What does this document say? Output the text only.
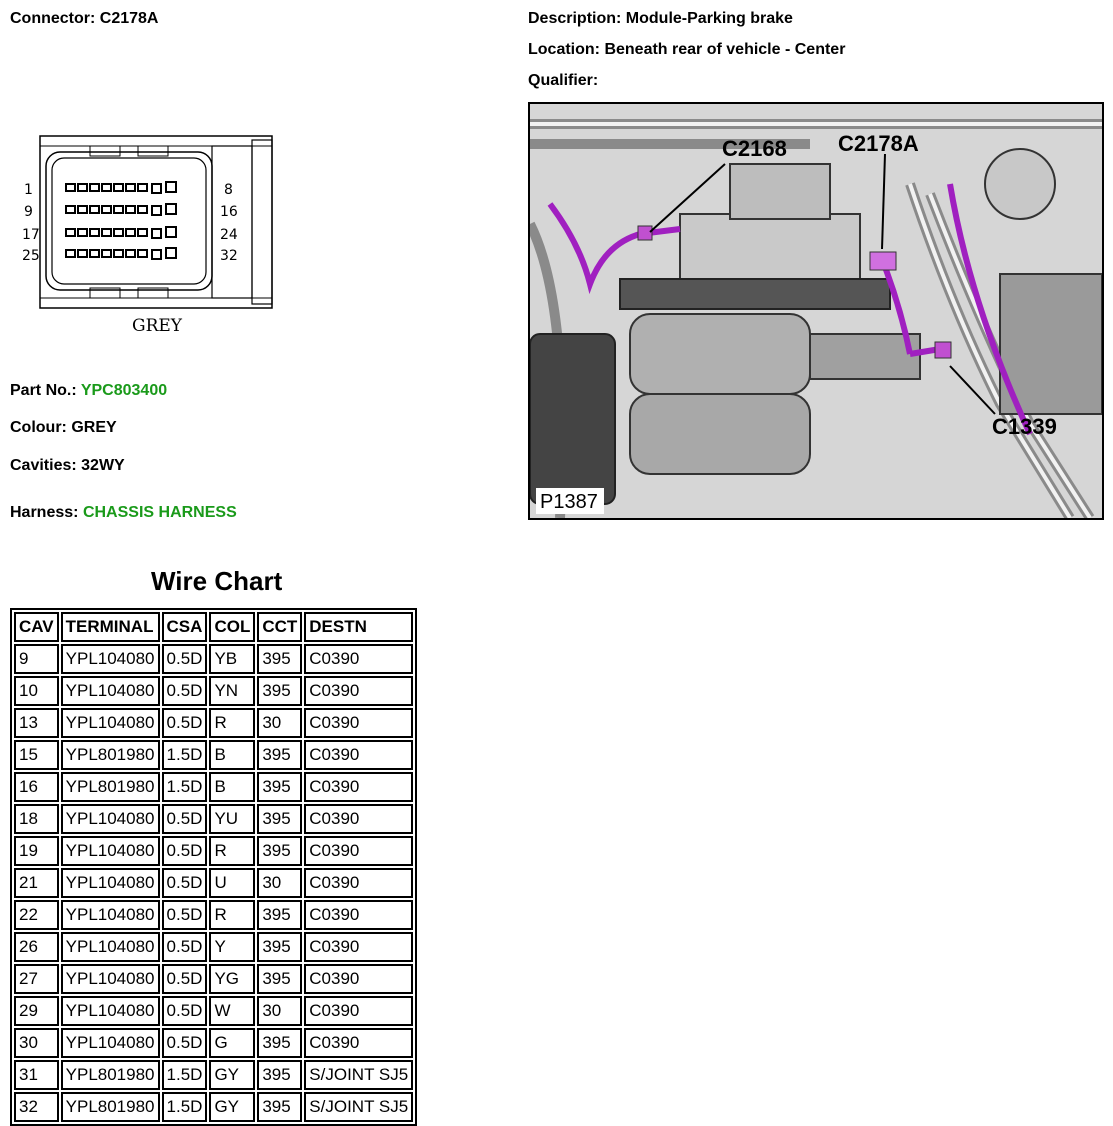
Connector: C2178A	Description: Module-Parking brake
Location: Beneath rear of vehicle - Center
Qualifier:
1
9
17
25
8
16
24
32
GREY
Part No.: YPC803400
Colour: GREY
Cavities: 32WY
Harness: CHASSIS HARNESS
C2168 C2178A
C1339
P1387
Wire Chart
CAV	TERMINAL	CSA	COL	CCT	DESTN
9	YPL104080	0.5D	YB	395	C0390
10	YPL104080	0.5D	YN	395	C0390
13	YPL104080	0.5D	R	30	C0390
15	YPL801980	1.5D	B	395	C0390
16	YPL801980	1.5D	B	395	C0390
18	YPL104080	0.5D	YU	395	C0390
19	YPL104080	0.5D	R	395	C0390
21	YPL104080	0.5D	U	30	C0390
22	YPL104080	0.5D	R	395	C0390
26	YPL104080	0.5D	Y	395	C0390
27	YPL104080	0.5D	YG	395	C0390
29	YPL104080	0.5D	W	30	C0390
30	YPL104080	0.5D	G	395	C0390
31	YPL801980	1.5D	GY	395	S/JOINT SJ5
32	YPL801980	1.5D	GY	395	S/JOINT SJ5
